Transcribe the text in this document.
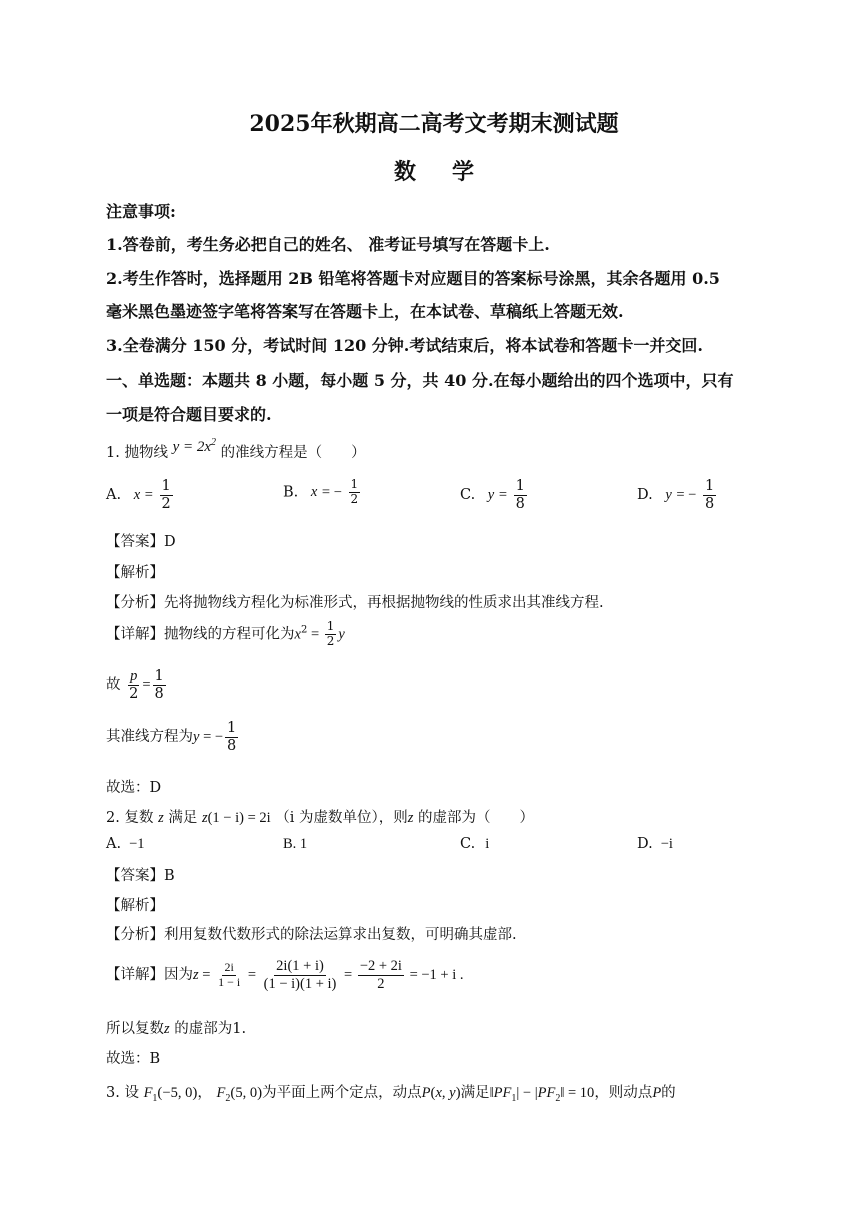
2025年秋期高二高考文考期末测试题
数学
注意事项:
1.答卷前，考生务必把自己的姓名、 准考证号填写在答题卡上.
2.考生作答时，选择题用 2B 铅笔将答题卡对应题目的答案标号涂黑，其余各题用 0.5
毫米黑色墨迹签字笔将答案写在答题卡上，在本试卷、草稿纸上答题无效.
3.全卷满分 150 分，考试时间 120 分钟.考试结束后，将本试卷和答题卡一并交回.
一、单选题：本题共 8 小题，每小题 5 分，共 40 分.在每小题给出的四个选项中，只有
一项是符合题目要求的.
1. 抛物线 $y = 2x^2$ 的准线方程是（　　）
A. $x = \frac{1}{2}$	B. x = − $\frac{1}{2}$	C. $y = \frac{1}{8}$	D. y = − $\frac{1}{8}$
【答案】D
【解析】
【分析】先将抛物线方程化为标准形式，再根据抛物线的性质求出其准线方程.
【详解】抛物线的方程可化为$x^2 = \frac{1}{2}$ y
故 $\frac{p}{2} = \frac{1}{8}$
其准线方程为y = − $\frac{1}{8}$
故选：D
2. 复数 z 满足 z(1 − i) = 2i （i 为虚数单位），则z 的虚部为（　　）
A. −1	B. 1	C. i	D. −i
【答案】B
【解析】
【分析】利用复数代数形式的除法运算求出复数，可明确其虚部.
【详解】因为$z = \frac{2i}{1 - i} = \frac{2i(1 + i)}{(1 - i)(1 + i)} = \frac{-2 + 2i}{2} = -1 + i$ .
所以复数z 的虚部为1.
故选：B
3. 设 $F_1(-5$, 0)， $F_2(5$, 0)为平面上两个定点，动点P(x, y)满足$‖PF_1|$ − $|PF_2‖ = 10$，则动点P的
